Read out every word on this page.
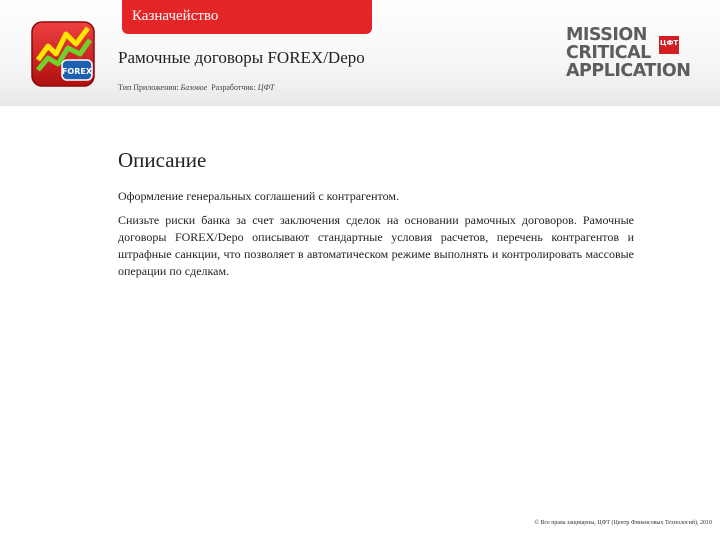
Казначейство
FOREX
Рамочные договоры FOREX/Depo
Тип Приложения: Базовое Разработчик: ЦФТ
MISSION
CRITICAL
APPLICATION
ЦФТ
Описание
Оформление генеральных соглашений с контрагентом.
Снизьте риски банка за счет заключения сделок на основании рамочных договоров. Рамочные договоры FOREX/Depo описывают стандартные условия расчетов, перечень контрагентов и штрафные санкции, что позволяет в автоматическом режиме выполнять и контролировать массовые операции по сделкам.
© Все права защищены, ЦФТ (Центр Финансовых Технологий), 2010
